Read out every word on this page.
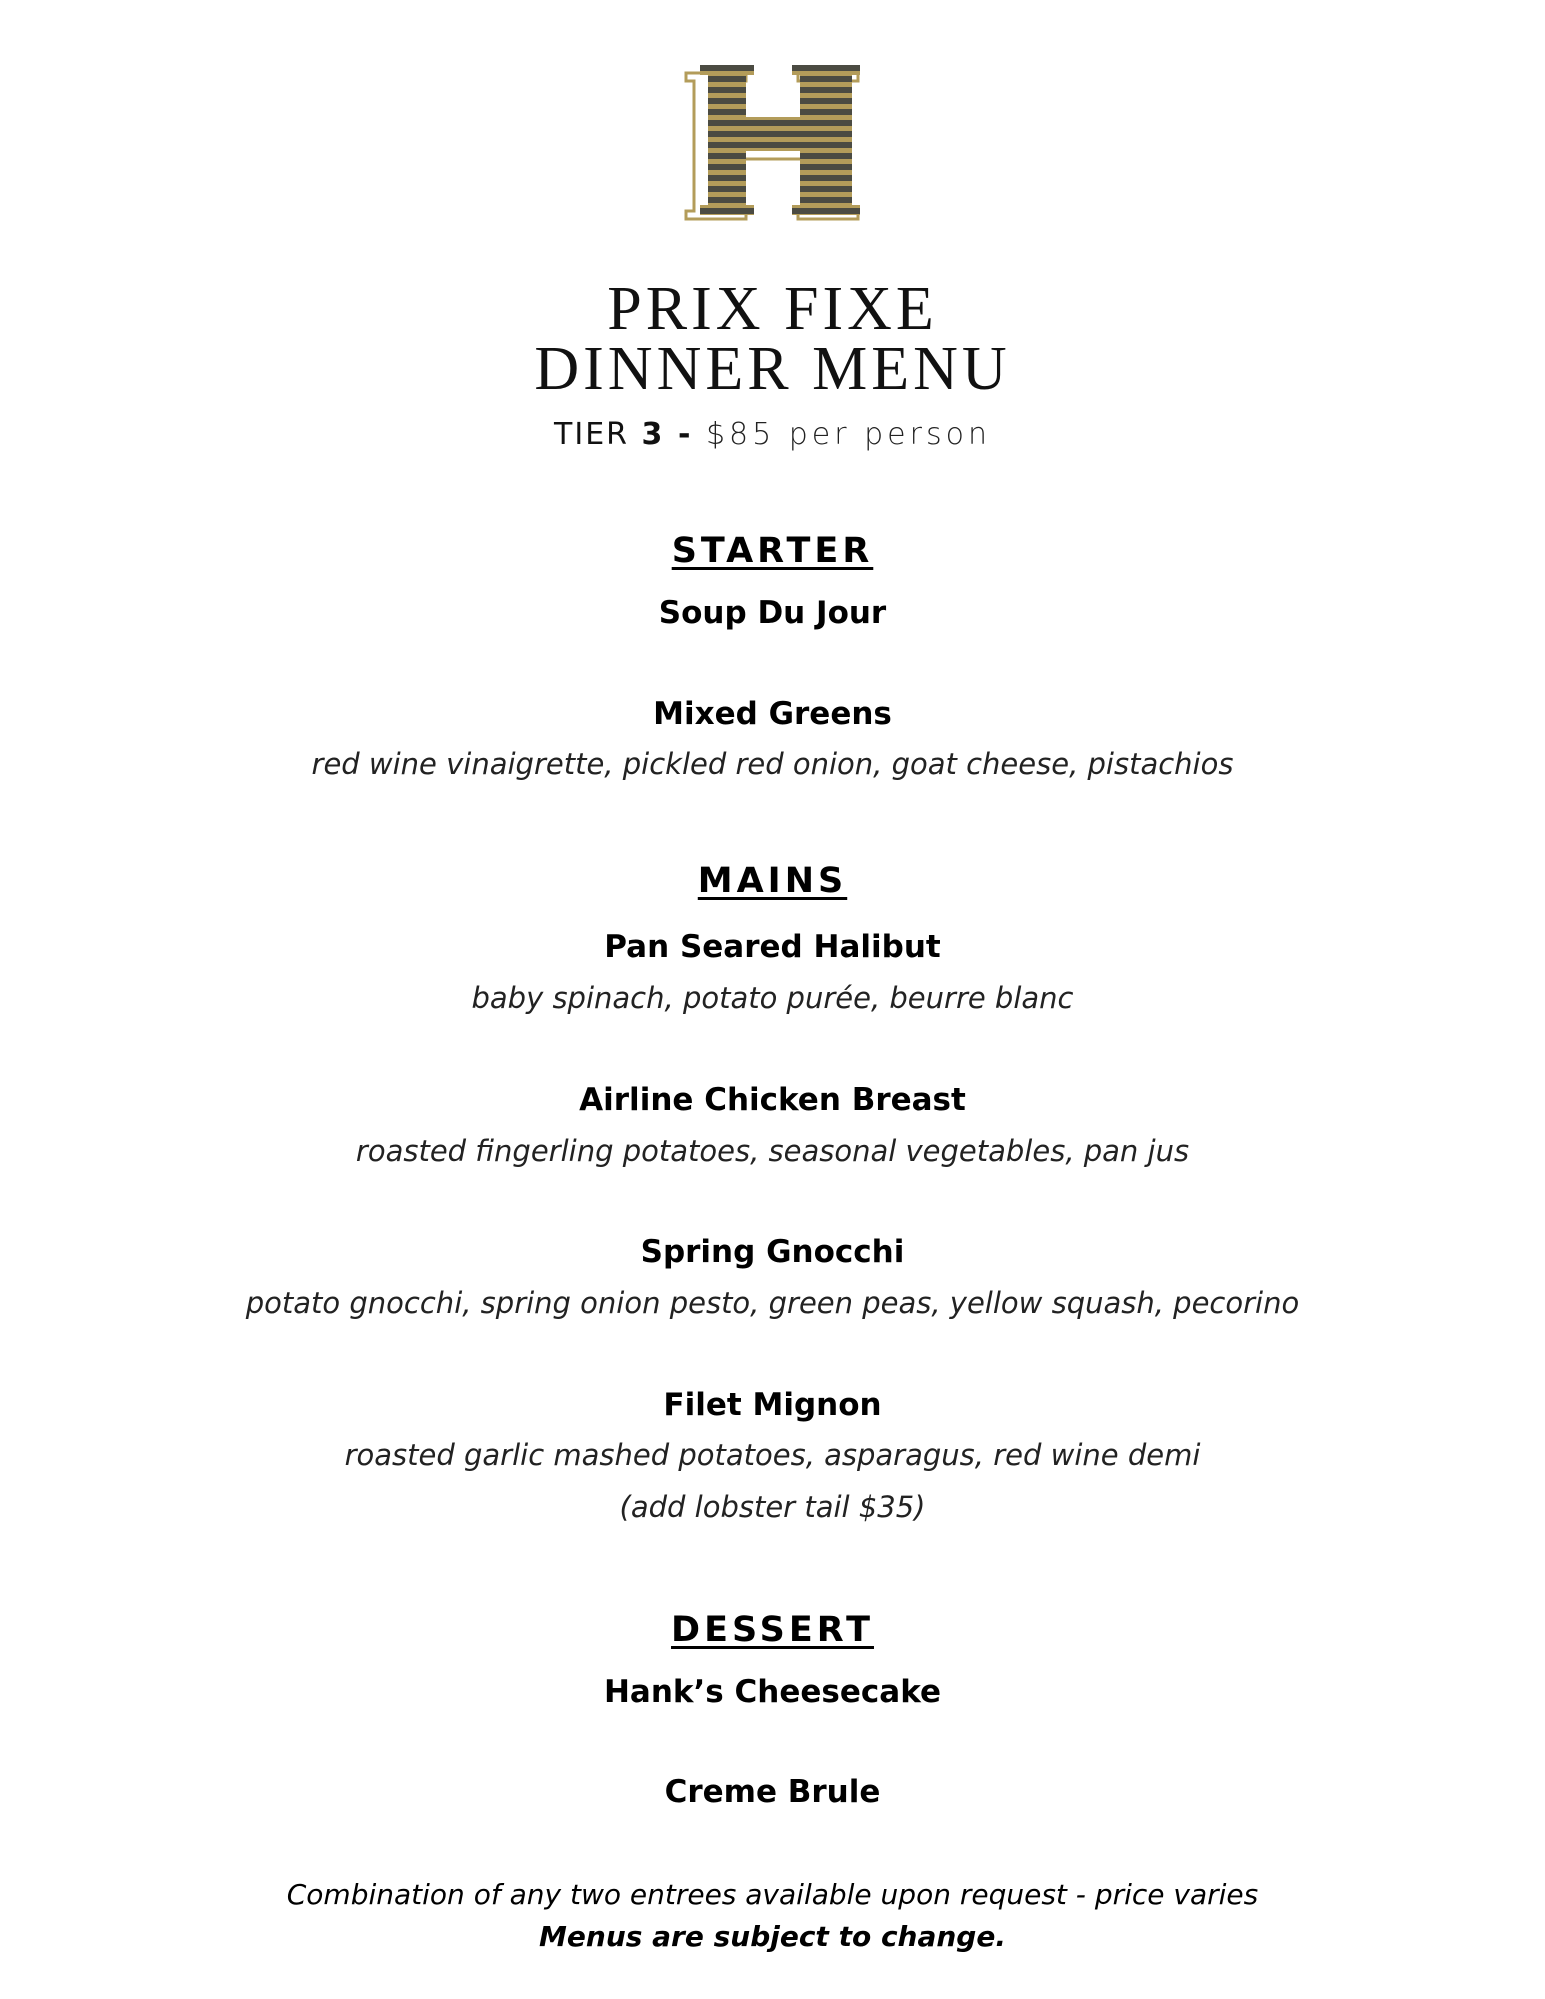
PRIX FIXE
DINNER MENU
TIER 3 - $85 per person
STARTER
Soup Du Jour
Mixed Greens
red wine vinaigrette, pickled red onion, goat cheese, pistachios
MAINS
Pan Seared Halibut
baby spinach, potato purée, beurre blanc
Airline Chicken Breast
roasted fingerling potatoes, seasonal vegetables, pan jus
Spring Gnocchi
potato gnocchi, spring onion pesto, green peas, yellow squash, pecorino
Filet Mignon
roasted garlic mashed potatoes, asparagus, red wine demi
(add lobster tail $35)
DESSERT
Hank’s Cheesecake
Creme Brule
Combination of any two entrees available upon request - price varies
Menus are subject to change.
